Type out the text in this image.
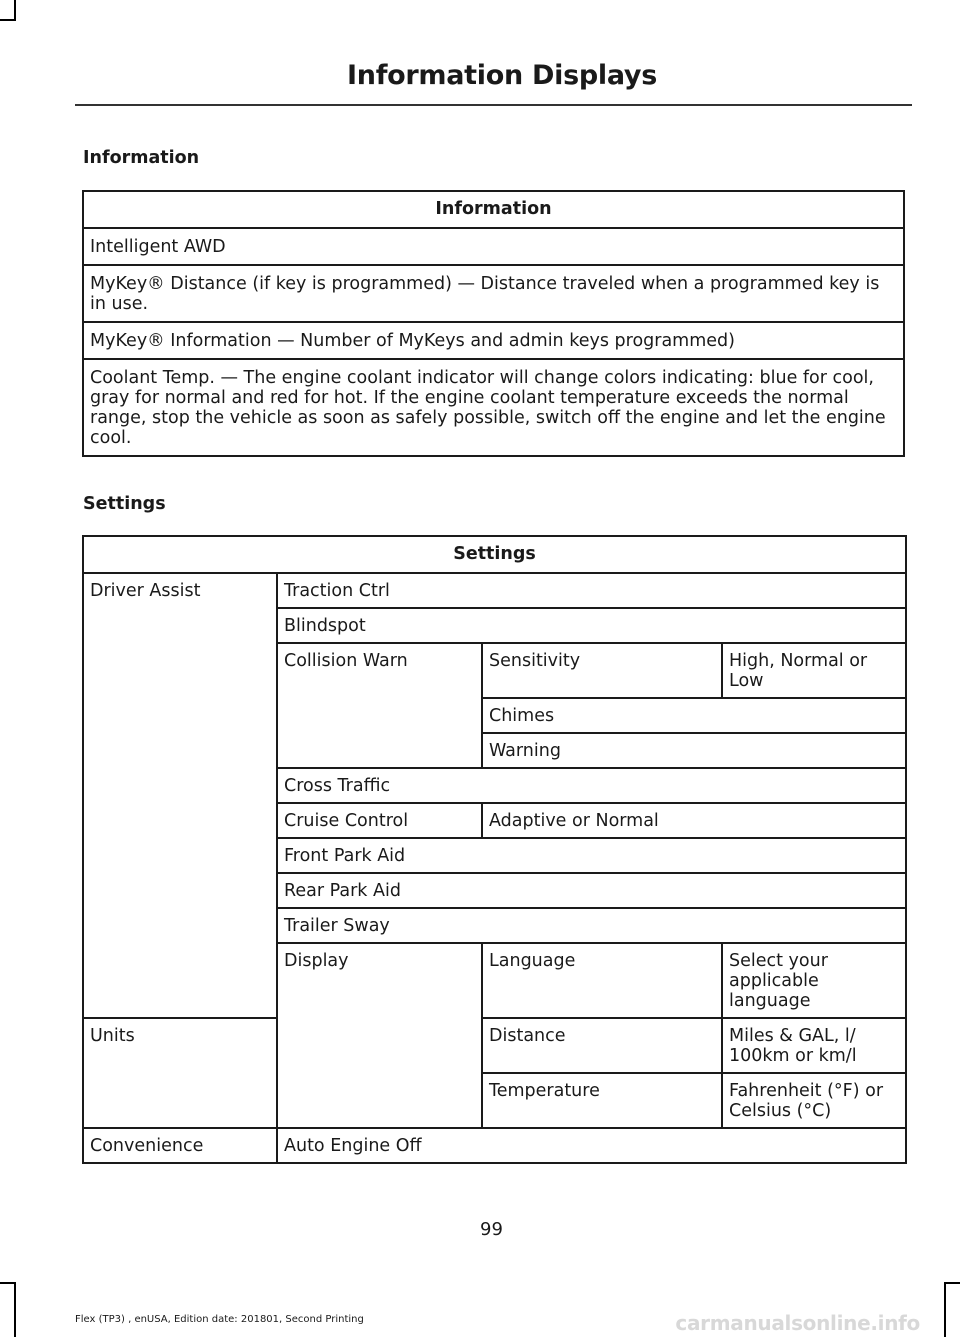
Information Displays
Information
Information
Intelligent AWD
MyKey® Distance (if key is programmed) — Distance traveled when a programmed key is in use.
MyKey® Information — Number of MyKeys and admin keys programmed)
Coolant Temp. — The engine coolant indicator will change colors indicating: blue for cool, gray for normal and red for hot. If the engine coolant temperature exceeds the normal range, stop the vehicle as soon as safely possible, switch off the engine and let the engine cool.
Settings
Settings			
Driver Assist	Traction Ctrl		
	Blindspot		
	Collision Warn	Sensitivity	High, Normal or Low
		Chimes	
		Warning	
	Cross Traffic		
	Cruise Control	Adaptive or Normal	
	Front Park Aid		
	Rear Park Aid		
	Trailer Sway		
	Display	Language	Select your applicable language
Units		Distance	Miles & GAL, l/ 100km or km/l
		Temperature	Fahrenheit (°F) or Celsius (°C)
Convenience	Auto Engine Off		
99
Flex (TP3) , enUSA, Edition date: 201801, Second Printing	carmanualsonline.info
